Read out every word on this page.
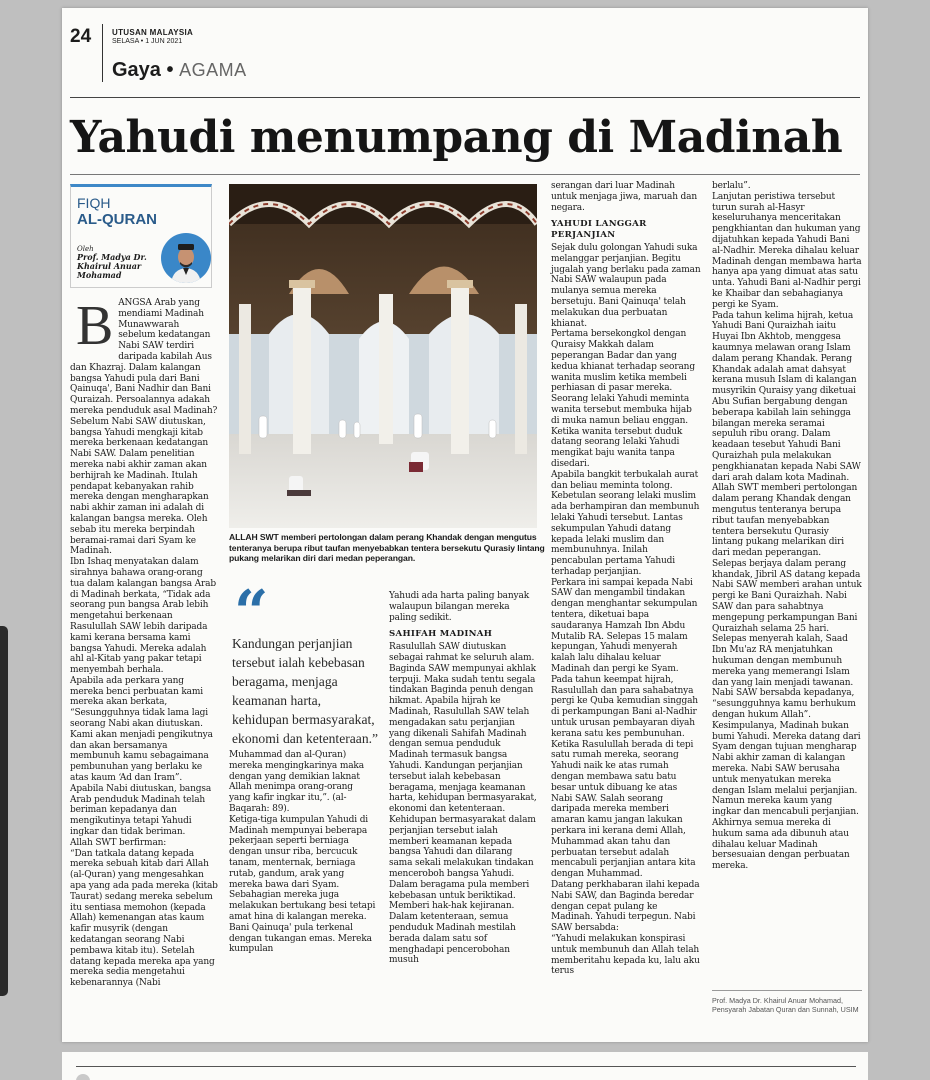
24	UTUSAN MALAYSIA
SELASA • 1 JUN 2021
Gaya • AGAMA
Yahudi menumpang di Madinah
FIQH
AL-QURAN
Oleh
Prof. Madya Dr. Khairul Anuar Mohamad
ALLAH SWT memberi pertolongan dalam perang Khandak dengan mengutus tenteranya berupa ribut taufan menyebabkan tentera bersekutu Qurasiy lintang pukang melarikan diri dari medan peperangan.
BANGSA Arab yang mendiami Madinah Munawwarah sebelum kedatangan Nabi SAW terdiri daripada kabilah Aus dan Khazraj. Dalam kalangan bangsa Yahudi pula dari Bani Qainuqa', Bani Nadhir dan Bani Quraizah. Persoalannya adakah mereka penduduk asal Madinah?
Sebelum Nabi SAW diutuskan, bangsa Yahudi mengkaji kitab mereka berkenaan kedatangan Nabi SAW. Dalam penelitian mereka nabi akhir zaman akan berhijrah ke Madinah. Itulah pendapat kebanyakan rahib mereka dengan mengharapkan nabi akhir zaman ini adalah di kalangan bangsa mereka. Oleh sebab itu mereka berpindah beramai-ramai dari Syam ke Madinah.
Ibn Ishaq menyatakan dalam sirahnya bahawa orang-orang tua dalam kalangan bangsa Arab di Madinah berkata, “Tidak ada seorang pun bangsa Arab lebih mengetahui berkenaan Rasulullah SAW lebih daripada kami kerana bersama kami bangsa Yahudi. Mereka adalah ahl al-Kitab yang pakar tetapi menyembah berhala.
Apabila ada perkara yang mereka benci perbuatan kami mereka akan berkata, “Sesungguhnya tidak lama lagi seorang Nabi akan diutuskan. Kami akan menjadi pengikutnya dan akan bersamanya membunuh kamu sebagaimana pembunuhan yang berlaku ke atas kaum ‘Ad dan Iram”.
Apabila Nabi diutuskan, bangsa Arab penduduk Madinah telah beriman kepadanya dan mengikutinya tetapi Yahudi ingkar dan tidak beriman.
Allah SWT berfirman:
“Dan tatkala datang kepada mereka sebuah kitab dari Allah (al-Quran) yang mengesahkan apa yang ada pada mereka (kitab Taurat) sedang mereka sebelum itu sentiasa memohon (kepada Allah) kemenangan atas kaum kafir musyrik (dengan kedatangan seorang Nabi pembawa kitab itu). Setelah datang kepada mereka apa yang mereka sedia mengetahui kebenarannya (Nabi
“
Kandungan perjanjian tersebut ialah kebebasan beragama, menjaga keamanan harta, kehidupan bermasyarakat, ekonomi dan ketenteraan.”
Muhammad dan al-Quran) mereka mengingkarinya maka dengan yang demikian laknat Allah menimpa orang-orang yang kafir ingkar itu,”. (al-Baqarah: 89).
Ketiga-tiga kumpulan Yahudi di Madinah mempunyai beberapa pekerjaan seperti berniaga dengan unsur riba, bercucuk tanam, menternak, berniaga rutab, gandum, arak yang mereka bawa dari Syam. Sebahagian mereka juga melakukan bertukang besi tetapi amat hina di kalangan mereka. Bani Qainuqa' pula terkenal dengan tukangan emas. Mereka kumpulan
Yahudi ada harta paling banyak walaupun bilangan mereka paling sedikit.
SAHIFAH MADINAH
Rasulullah SAW diutuskan sebagai rahmat ke seluruh alam. Baginda SAW mempunyai akhlak terpuji. Maka sudah tentu segala tindakan Baginda penuh dengan hikmat. Apabila hijrah ke Madinah, Rasulullah SAW telah mengadakan satu perjanjian yang dikenali Sahifah Madinah dengan semua penduduk Madinah termasuk bangsa Yahudi. Kandungan perjanjian tersebut ialah kebebasan beragama, menjaga keamanan harta, kehidupan bermasyarakat, ekonomi dan ketenteraan.
Kehidupan bermasyarakat dalam perjanjian tersebut ialah memberi keamanan kepada bangsa Yahudi dan dilarang sama sekali melakukan tindakan menceroboh bangsa Yahudi. Dalam beragama pula memberi kebebasan untuk beriktikad. Memberi hak-hak kejiranan. Dalam ketenteraan, semua penduduk Madinah mestilah berada dalam satu sof menghadapi pencerobohan musuh
serangan dari luar Madinah untuk menjaga jiwa, maruah dan negara.
YAHUDI LANGGAR PERJANJIAN
Sejak dulu golongan Yahudi suka melanggar perjanjian. Begitu jugalah yang berlaku pada zaman Nabi SAW walaupun pada mulanya semua mereka bersetuju. Bani Qainuqa' telah melakukan dua perbuatan khianat.
Pertama bersekongkol dengan Quraisy Makkah dalam peperangan Badar dan yang kedua khianat terhadap seorang wanita muslim ketika membeli perhiasan di pasar mereka. Seorang lelaki Yahudi meminta wanita tersebut membuka hijab di muka namun beliau enggan. Ketika wanita tersebut duduk datang seorang lelaki Yahudi mengikat baju wanita tanpa disedari.
Apabila bangkit terbukalah aurat dan beliau meminta tolong. Kebetulan seorang lelaki muslim ada berhampiran dan membunuh lelaki Yahudi tersebut. Lantas sekumpulan Yahudi datang kepada lelaki muslim dan membunuhnya. Inilah pencabulan pertama Yahudi terhadap perjanjian.
Perkara ini sampai kepada Nabi SAW dan mengambil tindakan dengan menghantar sekumpulan tentera, diketuai bapa saudaranya Hamzah Ibn Abdu Mutalib RA. Selepas 15 malam kepungan, Yahudi menyerah kalah lalu dihalau keluar Madinah dan pergi ke Syam.
Pada tahun keempat hijrah, Rasulullah dan para sahabatnya pergi ke Quba kemudian singgah di perkampungan Bani al-Nadhir untuk urusan pembayaran diyah kerana satu kes pembunuhan.
Ketika Rasulullah berada di tepi satu rumah mereka, seorang Yahudi naik ke atas rumah dengan membawa satu batu besar untuk dibuang ke atas Nabi SAW. Salah seorang daripada mereka memberi amaran kamu jangan lakukan perkara ini kerana demi Allah, Muhammad akan tahu dan perbuatan tersebut adalah mencabuli perjanjian antara kita dengan Muhammad.
Datang perkhabaran ilahi kepada Nabi SAW, dan Baginda beredar dengan cepat pulang ke Madinah. Yahudi terpegun. Nabi SAW bersabda:
“Yahudi melakukan konspirasi untuk membunuh dan Allah telah memberitahu kepada ku, lalu aku terus
berlalu”.
Lanjutan peristiwa tersebut turun surah al-Hasyr keseluruhanya menceritakan pengkhiantan dan hukuman yang dijatuhkan kepada Yahudi Bani al-Nadhir. Mereka dihalau keluar Madinah dengan membawa harta hanya apa yang dimuat atas satu unta. Yahudi Bani al-Nadhir pergi ke Khaibar dan sebahagianya pergi ke Syam.
Pada tahun kelima hijrah, ketua Yahudi Bani Quraizhah iaitu Huyai Ibn Akhtob, menggesa kaumnya melawan orang Islam dalam perang Khandak. Perang Khandak adalah amat dahsyat kerana musuh Islam di kalangan musyrikin Quraisy yang diketuai Abu Sufian bergabung dengan beberapa kabilah lain sehingga bilangan mereka seramai sepuluh ribu orang. Dalam keadaan tesebut Yahudi Bani Quraizhah pula melakukan pengkhianatan kepada Nabi SAW dari arah dalam kota Madinah.
Allah SWT memberi pertolongan dalam perang Khandak dengan mengutus tenteranya berupa ribut taufan menyebabkan tentera bersekutu Qurasiy lintang pukang melarikan diri dari medan peperangan.
Selepas berjaya dalam perang khandak, Jibril AS datang kepada Nabi SAW memberi arahan untuk pergi ke Bani Quraizhah. Nabi SAW dan para sahabtnya mengepung perkampungan Bani Quraizhah selama 25 hari. Selepas menyerah kalah, Saad Ibn Mu'az RA menjatuhkan hukuman dengan membunuh mereka yang memerangi Islam dan yang lain menjadi tawanan. Nabi SAW bersabda kepadanya, “sesungguhnya kamu berhukum dengan hukum Allah”.
Kesimpulanya, Madinah bukan bumi Yahudi. Mereka datang dari Syam dengan tujuan mengharap Nabi akhir zaman di kalangan mereka. Nabi SAW berusaha untuk menyatukan mereka dengan Islam melalui perjanjian. Namun mereka kaum yang ingkar dan mencabuli perjanjian. Akhirnya semua mereka di hukum sama ada dibunuh atau dihalau keluar Madinah bersesuaian dengan perbuatan mereka.
Prof. Madya Dr. Khairul Anuar Mohamad, Pensyarah Jabatan Quran dan Sunnah, USIM
